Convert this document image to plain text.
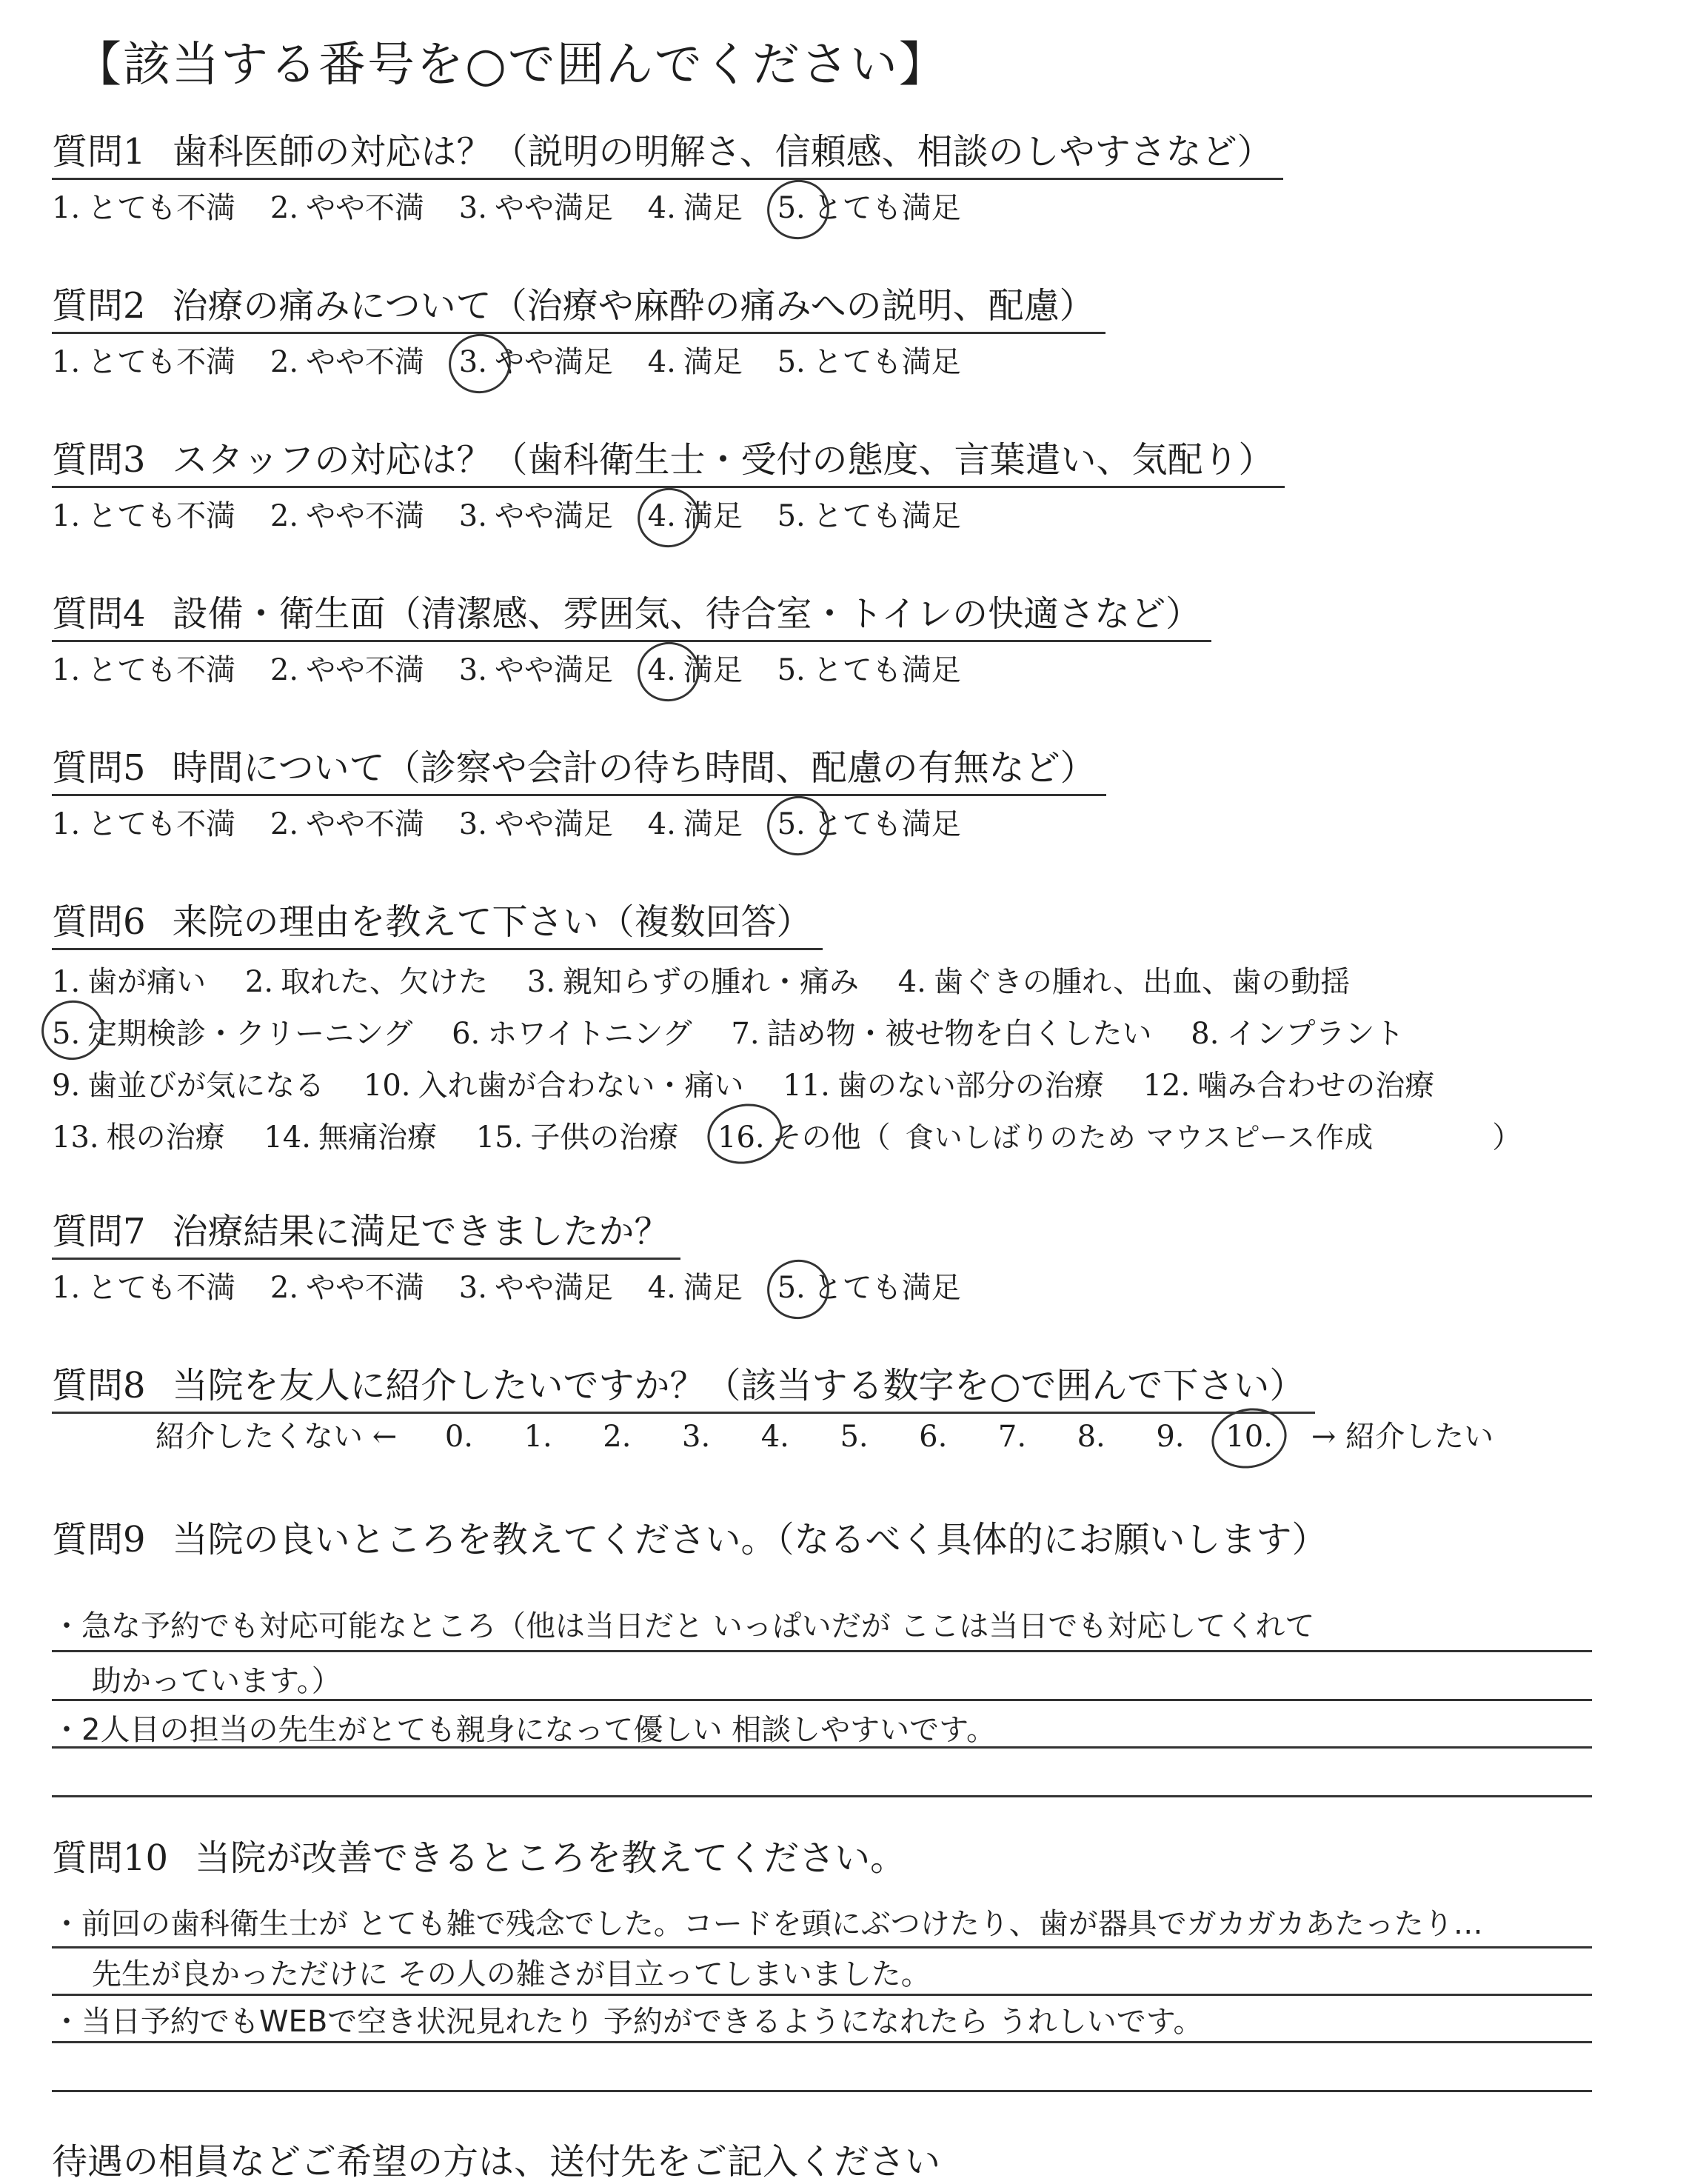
【該当する番号を○で囲んでください】
質問1 歯科医師の対応は？（説明の明解さ、信頼感、相談のしやすさなど）
1. とても不満 2. やや不満 3. やや満足 4. 満足 5. とても満足
質問2 治療の痛みについて（治療や麻酔の痛みへの説明、配慮）
1. とても不満 2. やや不満 3. やや満足 4. 満足 5. とても満足
質問3 スタッフの対応は？（歯科衛生士・受付の態度、言葉遣い、気配り）
1. とても不満 2. やや不満 3. やや満足 4. 満足 5. とても満足
質問4 設備・衛生面（清潔感、雰囲気、待合室・トイレの快適さなど）
1. とても不満 2. やや不満 3. やや満足 4. 満足 5. とても満足
質問5 時間について（診察や会計の待ち時間、配慮の有無など）
1. とても不満 2. やや不満 3. やや満足 4. 満足 5. とても満足
質問6 来院の理由を教えて下さい（複数回答）
1. 歯が痛い 2. 取れた、欠けた 3. 親知らずの腫れ・痛み 4. 歯ぐきの腫れ、出血、歯の動揺
5. 定期検診・クリーニング 6. ホワイトニング 7. 詰め物・被せ物を白くしたい 8. インプラント
9. 歯並びが気になる 10. 入れ歯が合わない・痛い 11. 歯のない部分の治療 12. 噛み合わせの治療
13. 根の治療 14. 無痛治療 15. 子供の治療 16. その他（ 食いしばりのため マウスピース作成	）
質問7 治療結果に満足できましたか？
1. とても不満 2. やや不満 3. やや満足 4. 満足 5. とても満足
質問8 当院を友人に紹介したいですか？（該当する数字を○で囲んで下さい）
紹介したくない ← 0. 1. 2. 3. 4. 5. 6. 7. 8. 9. 10. → 紹介したい
質問9 当院の良いところを教えてください。（なるべく具体的にお願いします）
・急な予約でも対応可能なところ（他は当日だと いっぱいだが ここは当日でも対応してくれて
助かっています。）
・2人目の担当の先生がとても親身になって優しい 相談しやすいです。
質問10 当院が改善できるところを教えてください。
・前回の歯科衛生士が とても雑で残念でした。コードを頭にぶつけたり、歯が器具でガカガカあたったり…
先生が良かっただけに その人の雑さが目立ってしまいました。
・当日予約でもWEBで空き状況見れたり 予約ができるようになれたら うれしいです。
待遇の相員などご希望の方は、送付先をご記入ください
